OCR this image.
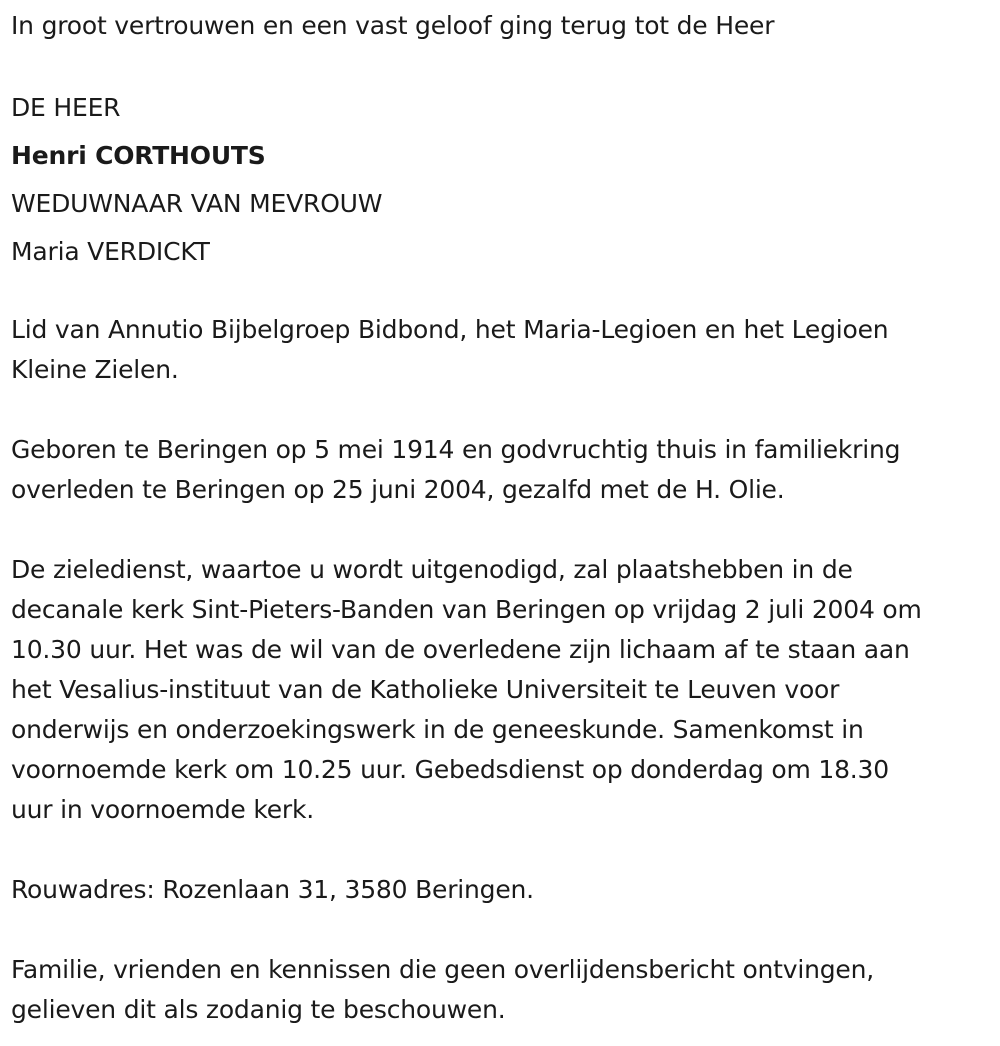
In groot vertrouwen en een vast geloof ging terug tot de Heer
DE HEER
Henri CORTHOUTS
WEDUWNAAR VAN MEVROUW
Maria VERDICKT

Lid van Annutio Bijbelgroep Bidbond, het Maria-Legioen en het Legioen
Kleine Zielen.

Geboren te Beringen op 5 mei 1914 en godvruchtig thuis in familiekring
overleden te Beringen op 25 juni 2004, gezalfd met de H. Olie.

De zieledienst, waartoe u wordt uitgenodigd, zal plaatshebben in de
decanale kerk Sint-Pieters-Banden van Beringen op vrijdag 2 juli 2004 om
10.30 uur. Het was de wil van de overledene zijn lichaam af te staan aan
het Vesalius-instituut van de Katholieke Universiteit te Leuven voor
onderwijs en onderzoekingswerk in de geneeskunde. Samenkomst in
voornoemde kerk om 10.25 uur. Gebedsdienst op donderdag om 18.30
uur in voornoemde kerk.

Rouwadres: Rozenlaan 31, 3580 Beringen.

Familie, vrienden en kennissen die geen overlijdensbericht ontvingen,
gelieven dit als zodanig te beschouwen.
